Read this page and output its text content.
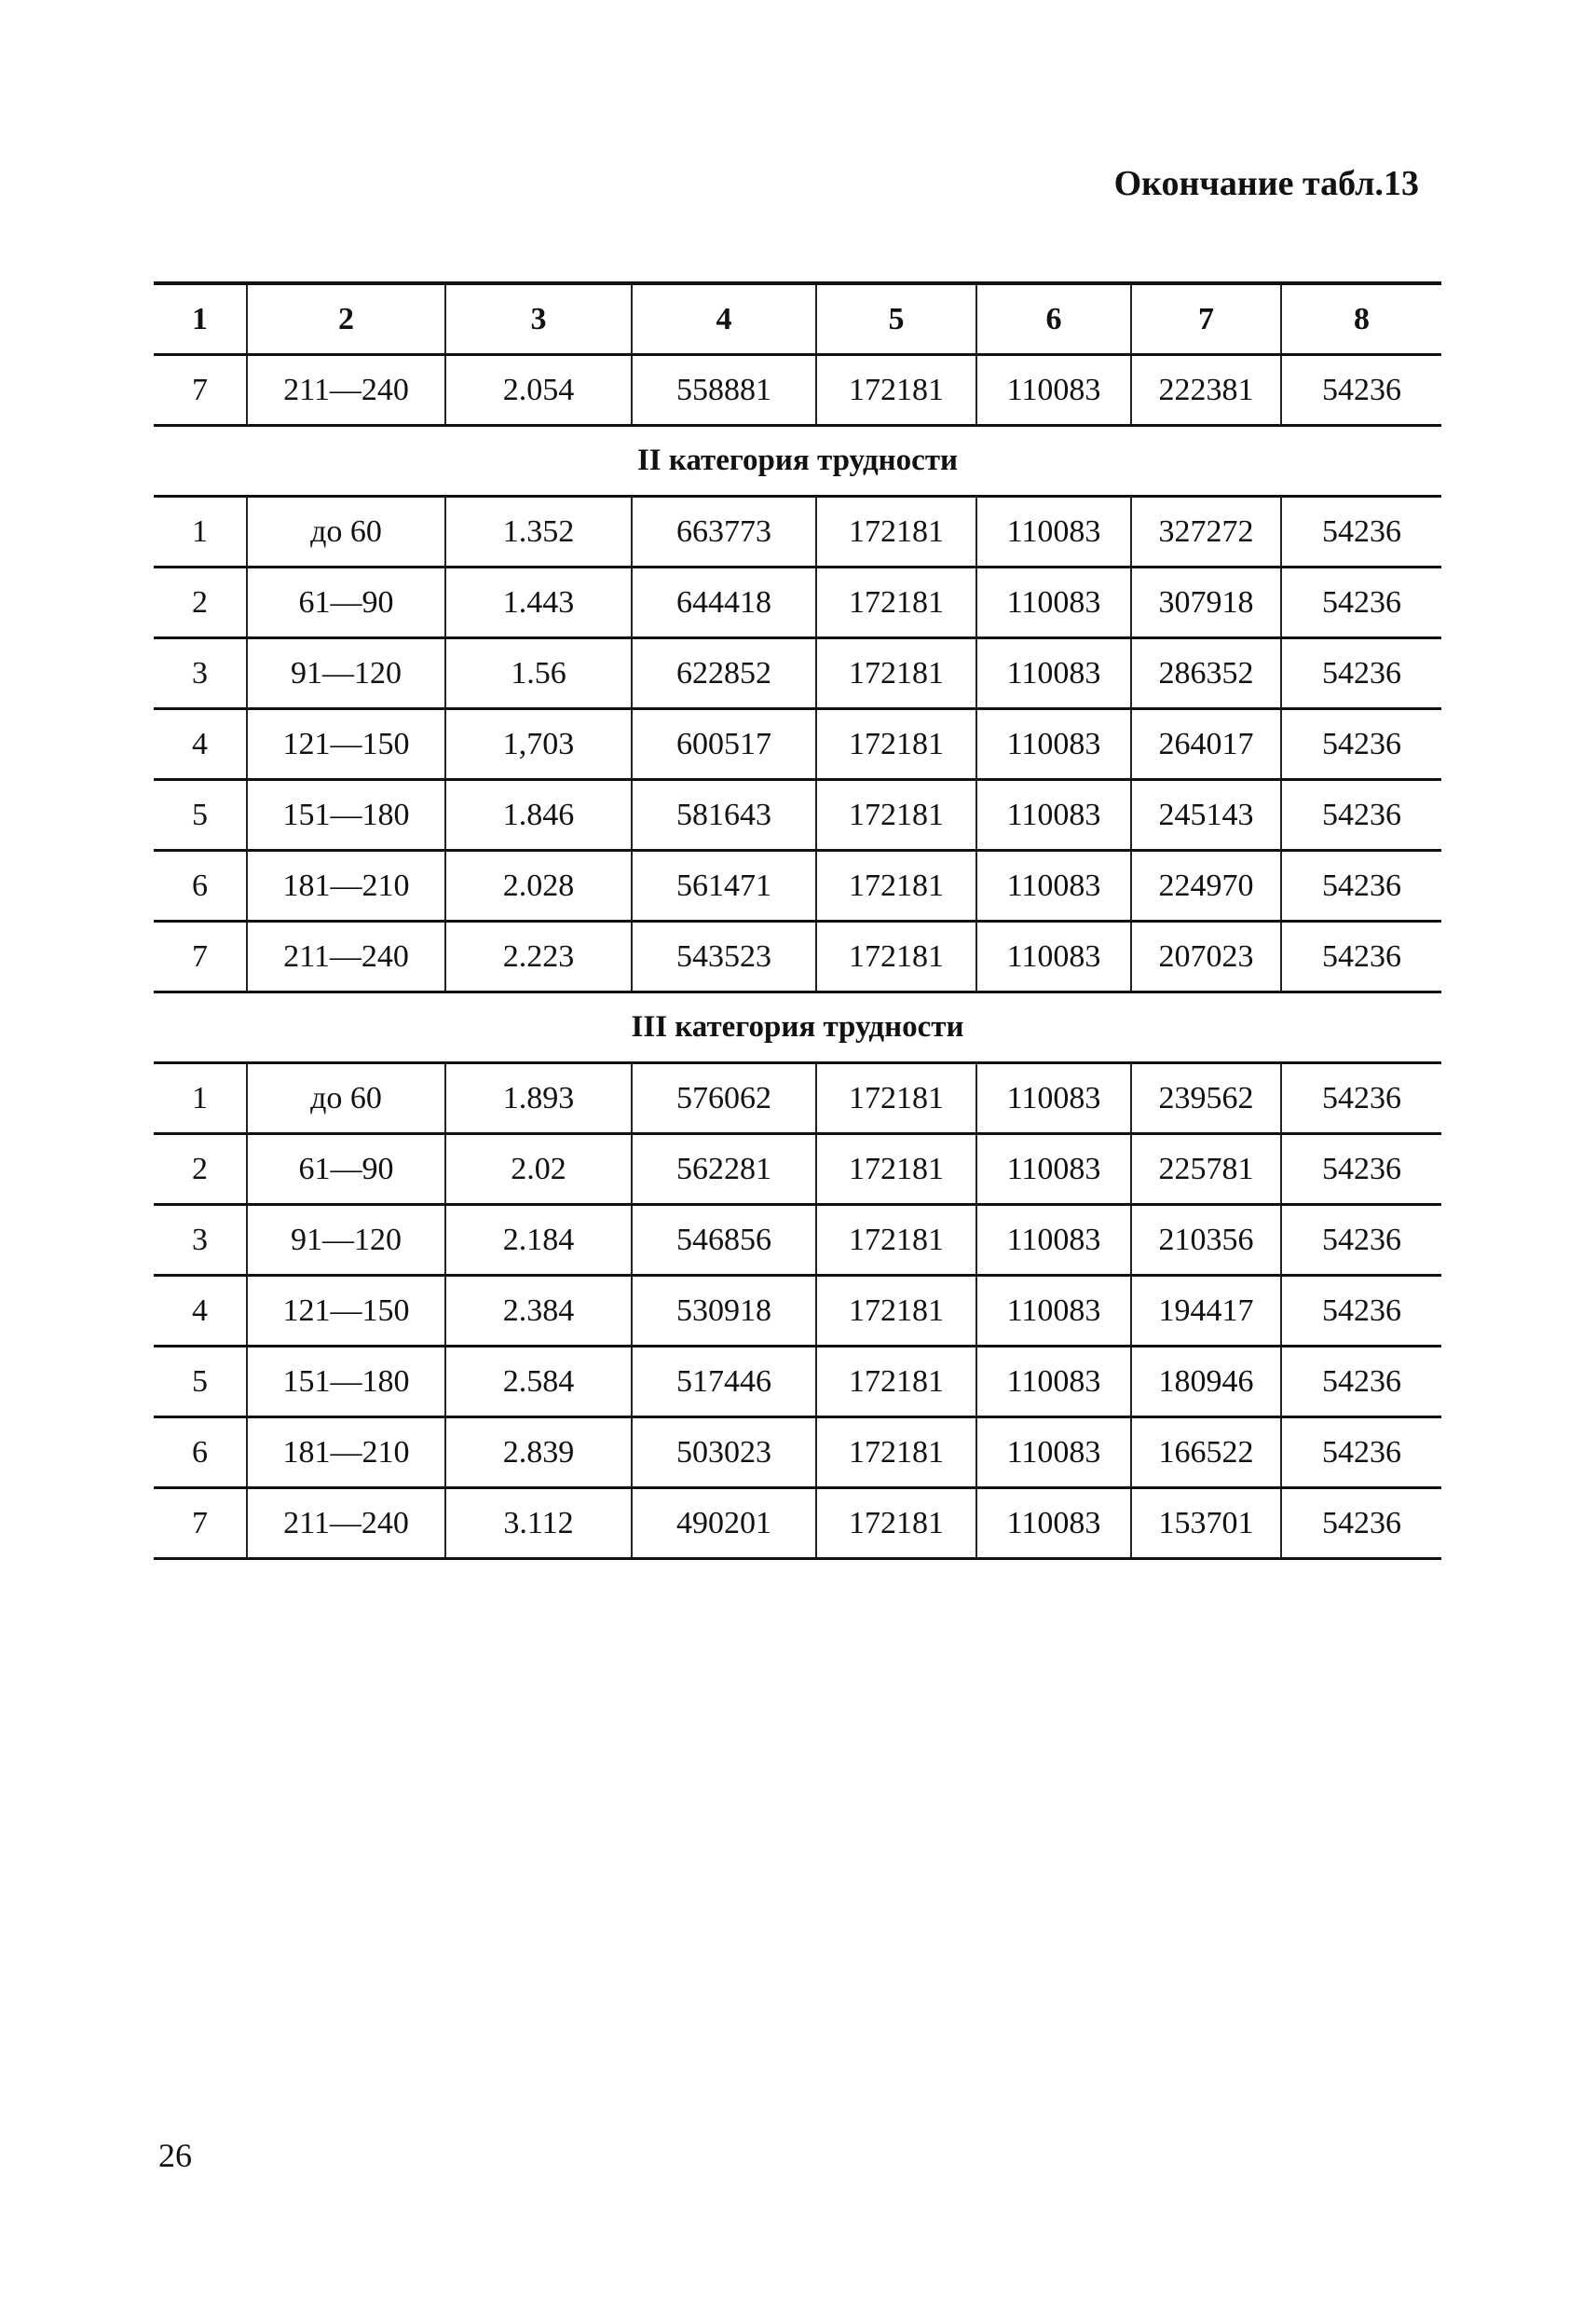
Окончание табл.13
1	2	3	4	5	6	7	8
7	211—240	2.054	558881	172181	110083	222381	54236
II категория трудности							
1	до 60	1.352	663773	172181	110083	327272	54236
2	61—90	1.443	644418	172181	110083	307918	54236
3	91—120	1.56	622852	172181	110083	286352	54236
4	121—150	1,703	600517	172181	110083	264017	54236
5	151—180	1.846	581643	172181	110083	245143	54236
6	181—210	2.028	561471	172181	110083	224970	54236
7	211—240	2.223	543523	172181	110083	207023	54236
III категория трудности							
1	до 60	1.893	576062	172181	110083	239562	54236
2	61—90	2.02	562281	172181	110083	225781	54236
3	91—120	2.184	546856	172181	110083	210356	54236
4	121—150	2.384	530918	172181	110083	194417	54236
5	151—180	2.584	517446	172181	110083	180946	54236
6	181—210	2.839	503023	172181	110083	166522	54236
7	211—240	3.112	490201	172181	110083	153701	54236
26
